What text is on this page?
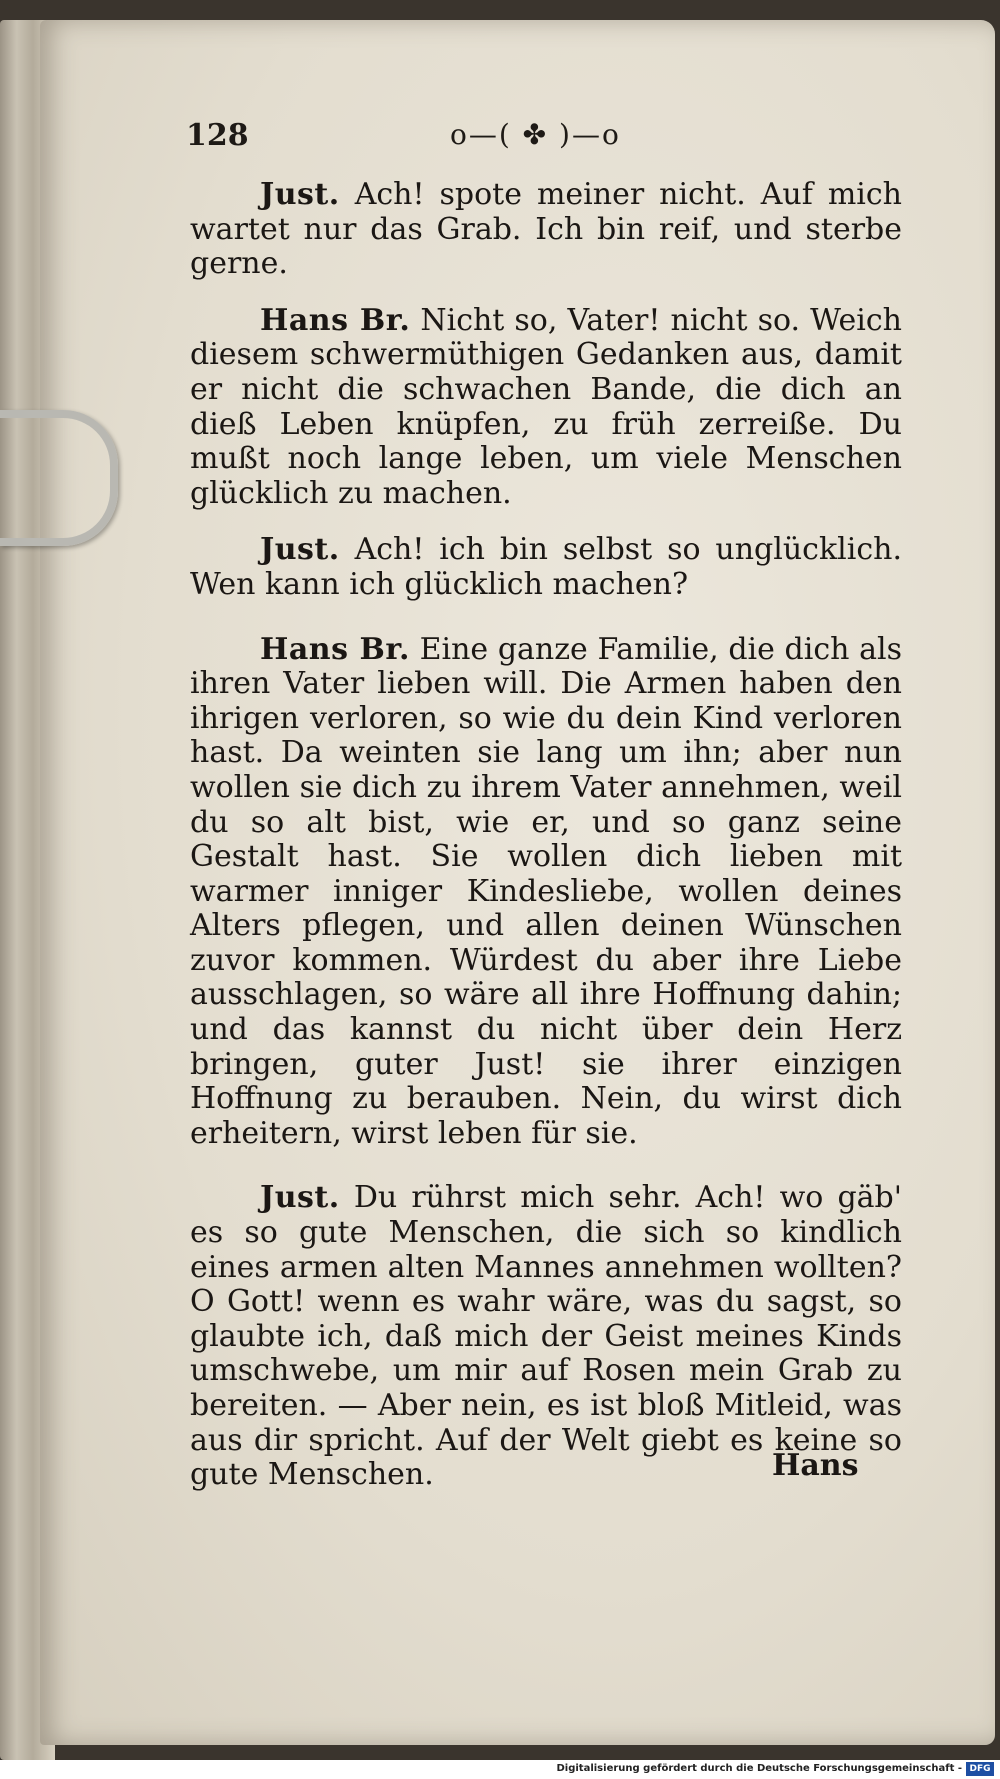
128	o—( ✤ )—o

Just. Ach! spote meiner nicht. Auf mich wartet nur das Grab. Ich bin reif, und sterbe gerne.

Hans Br. Nicht so, Vater! nicht so. Weich diesem schwermüthigen Gedanken aus, damit er nicht die schwachen Bande, die dich an dieß Leben knüpfen, zu früh zerreiße. Du mußt noch lange leben, um viele Menschen glücklich zu machen.

Just. Ach! ich bin selbst so unglücklich. Wen kann ich glücklich machen?

Hans Br. Eine ganze Familie, die dich als ihren Vater lieben will. Die Armen haben den ihrigen verloren, so wie du dein Kind verloren hast. Da weinten sie lang um ihn; aber nun wollen sie dich zu ihrem Vater annehmen, weil du so alt bist, wie er, und so ganz seine Gestalt hast. Sie wollen dich lieben mit warmer inniger Kindesliebe, wollen deines Alters pflegen, und allen deinen Wünschen zuvor kommen. Würdest du aber ihre Liebe ausschlagen, so wäre all ihre Hoffnung dahin; und das kannst du nicht über dein Herz bringen, guter Just! sie ihrer einzigen Hoffnung zu berauben. Nein, du wirst dich erheitern, wirst leben für sie.

Just. Du rührst mich sehr. Ach! wo gäb' es so gute Menschen, die sich so kindlich eines armen alten Mannes annehmen wollten? O Gott! wenn es wahr wäre, was du sagst, so glaubte ich, daß mich der Geist meines Kinds umschwebe, um mir auf Rosen mein Grab zu bereiten. — Aber nein, es ist bloß Mitleid, was aus dir spricht. Auf der Welt giebt es keine so gute Menschen.	Hans
Digitalisierung gefördert durch die Deutsche Forschungsgemeinschaft - DFG
